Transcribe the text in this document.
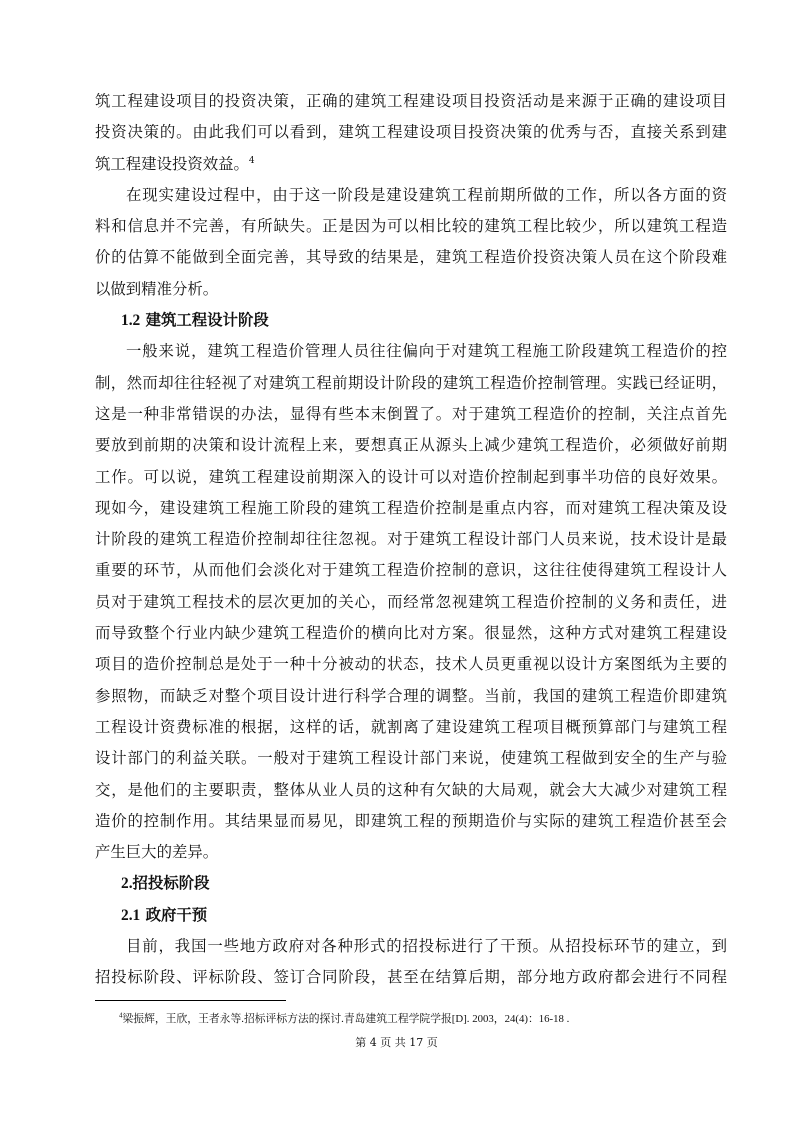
筑工程建设项目的投资决策，正确的建筑工程建设项目投资活动是来源于正确的建设项目
投资决策的。由此我们可以看到，建筑工程建设项目投资决策的优秀与否，直接关系到建
筑工程建设投资效益。$^4$
在现实建设过程中，由于这一阶段是建设建筑工程前期所做的工作，所以各方面的资
料和信息并不完善，有所缺失。正是因为可以相比较的建筑工程比较少，所以建筑工程造
价的估算不能做到全面完善，其导致的结果是，建筑工程造价投资决策人员在这个阶段难
以做到精准分析。
1.2 建筑工程设计阶段
一般来说，建筑工程造价管理人员往往偏向于对建筑工程施工阶段建筑工程造价的控
制，然而却往往轻视了对建筑工程前期设计阶段的建筑工程造价控制管理。实践已经证明，
这是一种非常错误的办法，显得有些本末倒置了。对于建筑工程造价的控制，关注点首先
要放到前期的决策和设计流程上来，要想真正从源头上减少建筑工程造价，必须做好前期
工作。可以说，建筑工程建设前期深入的设计可以对造价控制起到事半功倍的良好效果。
现如今，建设建筑工程施工阶段的建筑工程造价控制是重点内容，而对建筑工程决策及设
计阶段的建筑工程造价控制却往往忽视。对于建筑工程设计部门人员来说，技术设计是最
重要的环节，从而他们会淡化对于建筑工程造价控制的意识，这往往使得建筑工程设计人
员对于建筑工程技术的层次更加的关心，而经常忽视建筑工程造价控制的义务和责任，进
而导致整个行业内缺少建筑工程造价的横向比对方案。很显然，这种方式对建筑工程建设
项目的造价控制总是处于一种十分被动的状态，技术人员更重视以设计方案图纸为主要的
参照物，而缺乏对整个项目设计进行科学合理的调整。当前，我国的建筑工程造价即建筑
工程设计资费标准的根据，这样的话，就割离了建设建筑工程项目概预算部门与建筑工程
设计部门的利益关联。一般对于建筑工程设计部门来说，使建筑工程做到安全的生产与验
交，是他们的主要职责，整体从业人员的这种有欠缺的大局观，就会大大减少对建筑工程
造价的控制作用。其结果显而易见，即建筑工程的预期造价与实际的建筑工程造价甚至会
产生巨大的差异。
2.招投标阶段
2.1 政府干预
目前，我国一些地方政府对各种形式的招投标进行了干预。从招投标环节的建立，到
招投标阶段、评标阶段、签订合同阶段，甚至在结算后期，部分地方政府都会进行不同程
$^4$梁振辉，王欣，王者永等.招标评标方法的探讨.青岛建筑工程学院学报[D]. 2003，24(4)：16-18 .
第 4 页 共 17 页
